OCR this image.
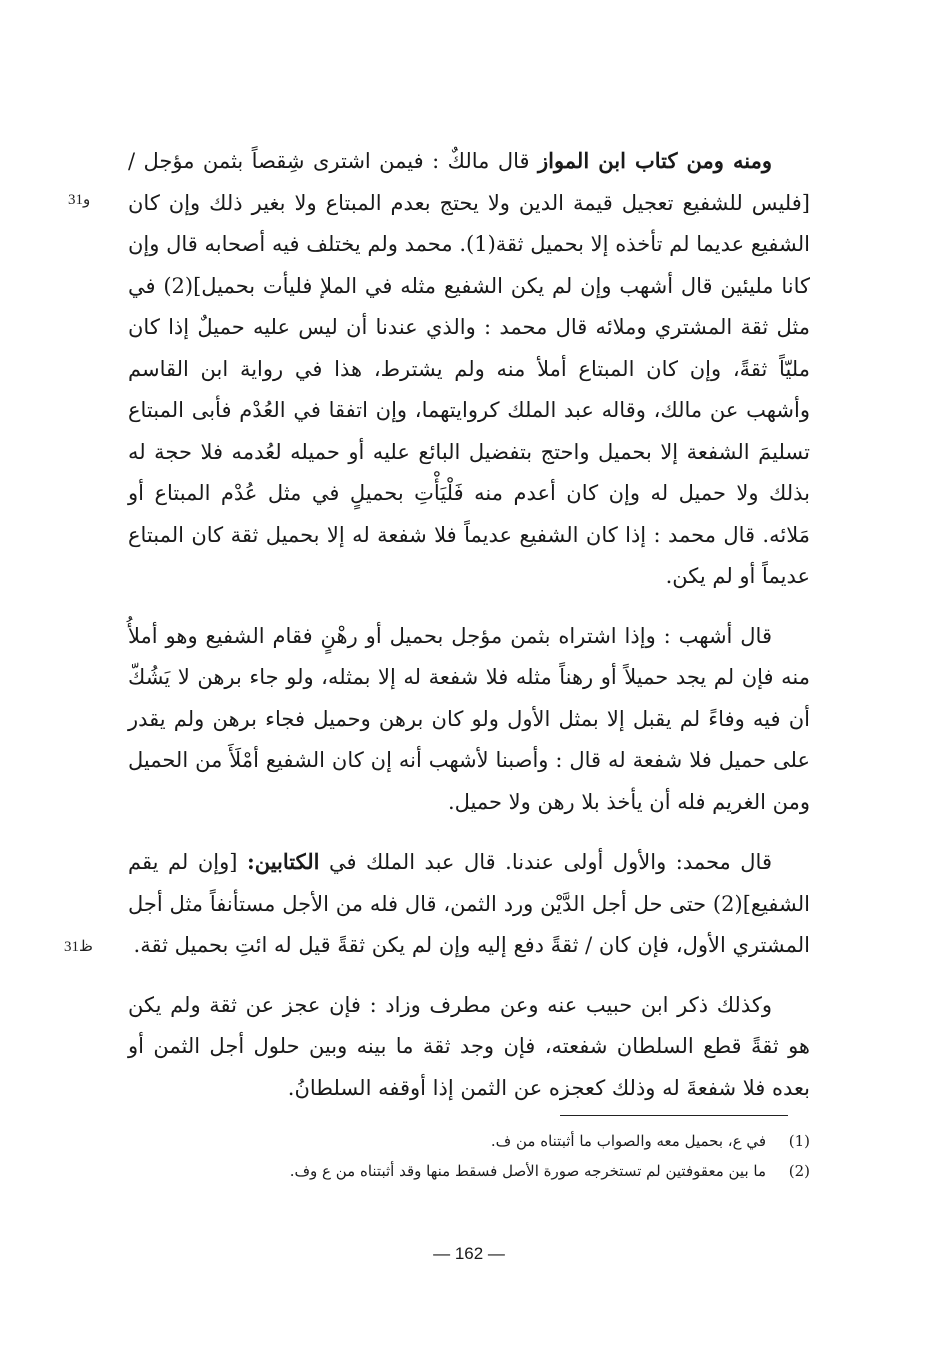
31و
31ظ

ومنه ومن كتاب ابن المواز قال مالكٌ : فيمن اشترى شِقصاً بثمن مؤجل / [فليس للشفيع تعجيل قيمة الدين ولا يحتج بعدم المبتاع ولا بغير ذلك وإن كان الشفيع عديما لم تأخذه إلا بحميل ثقة(1). محمد ولم يختلف فيه أصحابه قال وإن كانا مليئين قال أشهب وإن لم يكن الشفيع مثله في الملإ فليأت بحميل](2) في مثل ثقة المشتري وملائه قال محمد : والذي عندنا أن ليس عليه حميلٌ إذا كان مليّاً ثقةً، وإن كان المبتاع أملأ منه ولم يشترط، هذا في رواية ابن القاسم وأشهب عن مالك، وقاله عبد الملك كروايتهما، وإن اتفقا في العُدْم فأبى المبتاع تسليمَ الشفعة إلا بحميل واحتج بتفضيل البائع عليه أو حميله لعُدمه فلا حجة له بذلك ولا حميل له وإن كان أعدم منه فَلْيَأْتِ بحميلٍ في مثل عُدْم المبتاع أو مَلائه. قال محمد : إذا كان الشفيع عديماً فلا شفعة له إلا بحميل ثقة كان المبتاع عديماً أو لم يكن.

قال أشهب : وإذا اشتراه بثمن مؤجل بحميل أو رهْنٍ فقام الشفيع وهو أملأُ منه فإن لم يجد حميلاً أو رهناً مثله فلا شفعة له إلا بمثله، ولو جاء برهن لا يَشُكّ أن فيه وفاءً لم يقبل إلا بمثل الأول ولو كان برهن وحميل فجاء برهن ولم يقدر على حميل فلا شفعة له قال : وأصبنا لأشهب أنه إن كان الشفيع أمْلَأَ من الحميل ومن الغريم فله أن يأخذ بلا رهن ولا حميل.

قال محمد: والأول أولى عندنا. قال عبد الملك في الكتابين: [وإن لم يقم الشفيع](2) حتى حل أجل الدَّيْن ورد الثمن، قال فله من الأجل مستأنفاً مثل أجل المشتري الأول، فإن كان / ثقةً دفع إليه وإن لم يكن ثقةً قيل له ائتِ بحميل ثقة.

وكذلك ذكر ابن حبيب عنه وعن مطرف وزاد : فإن عجز عن ثقة ولم يكن هو ثقةً قطع السلطان شفعته، فإن وجد ثقة ما بينه وبين حلول أجل الثمن أو بعده فلا شفعةَ له وذلك كعجزه عن الثمن إذا أوقفه السلطانُ.

(1)
في ع، بحميل معه والصواب ما أثبتناه من ف.
(2)
ما بين معقوفتين لم تستخرجه صورة الأصل فسقط منها وقد أثبتناه من ع وف.
— 162 —
